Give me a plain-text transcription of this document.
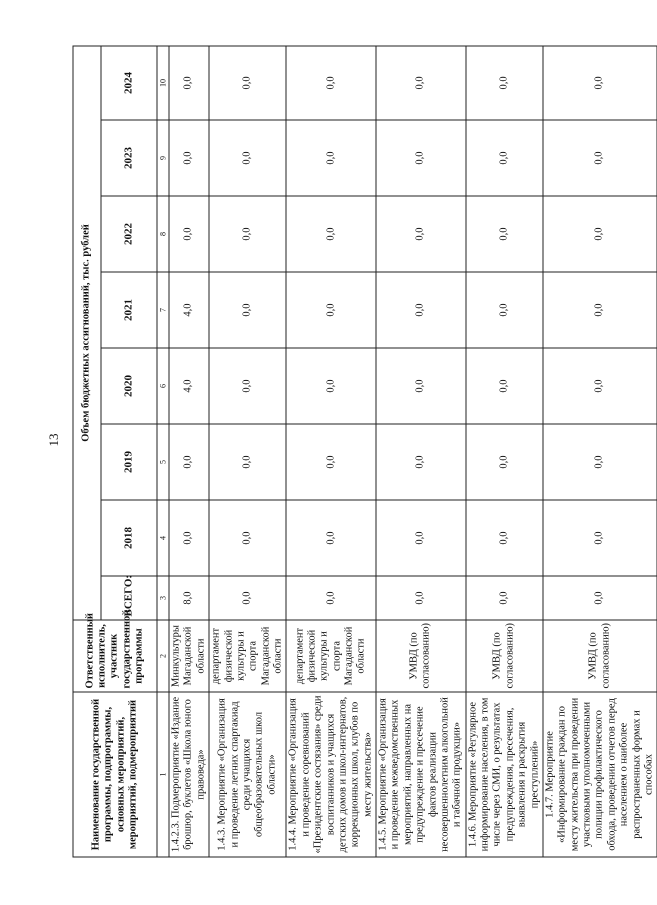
13
Наименование государственной программы, подпрограммы, основных мероприятий, мероприятий, подмероприятий	Ответственный исполнитель, участник государственной программы	Объем бюджетных ассигнований, тыс. рублей							
		ВСЕГО:	2018	2019	2020	2021	2022	2023	2024
1	2	3	4	5	6	7	8	9	10
1.4.2.3. Подмероприятие «Издание брошюр, буклетов «Школа юного правоведа»	Минкультуры Магаданской области	8,0	0,0	0,0	4,0	4,0	0,0	0,0	0,0
1.4.3. Мероприятие «Организация и проведение летних спартакиад среди учащихся общеобразовательных школ области»	департамент физической культуры и спорта Магаданской области	0,0	0,0	0,0	0,0	0,0	0,0	0,0	0,0
1.4.4. Мероприятие «Организация и проведение соревнований «Президентские состязания» среди воспитанников и учащихся детских домов и школ-интернатов, коррекционных школ, клубов по месту жительства»	департамент физической культуры и спорта Магаданской области	0,0	0,0	0,0	0,0	0,0	0,0	0,0	0,0
1.4.5. Мероприятие «Организация и проведение межведомственных мероприятий, направленных на предупреждение и пресечение фактов реализации несовершеннолетним алкогольной и табачной продукции»	УМВД (по согласованию)	0,0	0,0	0,0	0,0	0,0	0,0	0,0	0,0
1.4.6. Мероприятие «Регулярное информирование населения, в том числе через СМИ, о результатах предупреждения, пресечения, выявления и раскрытия преступлений»	УМВД (по согласованию)	0,0	0,0	0,0	0,0	0,0	0,0	0,0	0,0
1.4.7. Мероприятие «Информирование граждан по месту жительства при проведении участковыми уполномоченными полиции профилактического обхода, проведении отчетов перед населением о наиболее распространенных формах и способах	УМВД (по согласованию)	0,0	0,0	0,0	0,0	0,0	0,0	0,0	0,0
